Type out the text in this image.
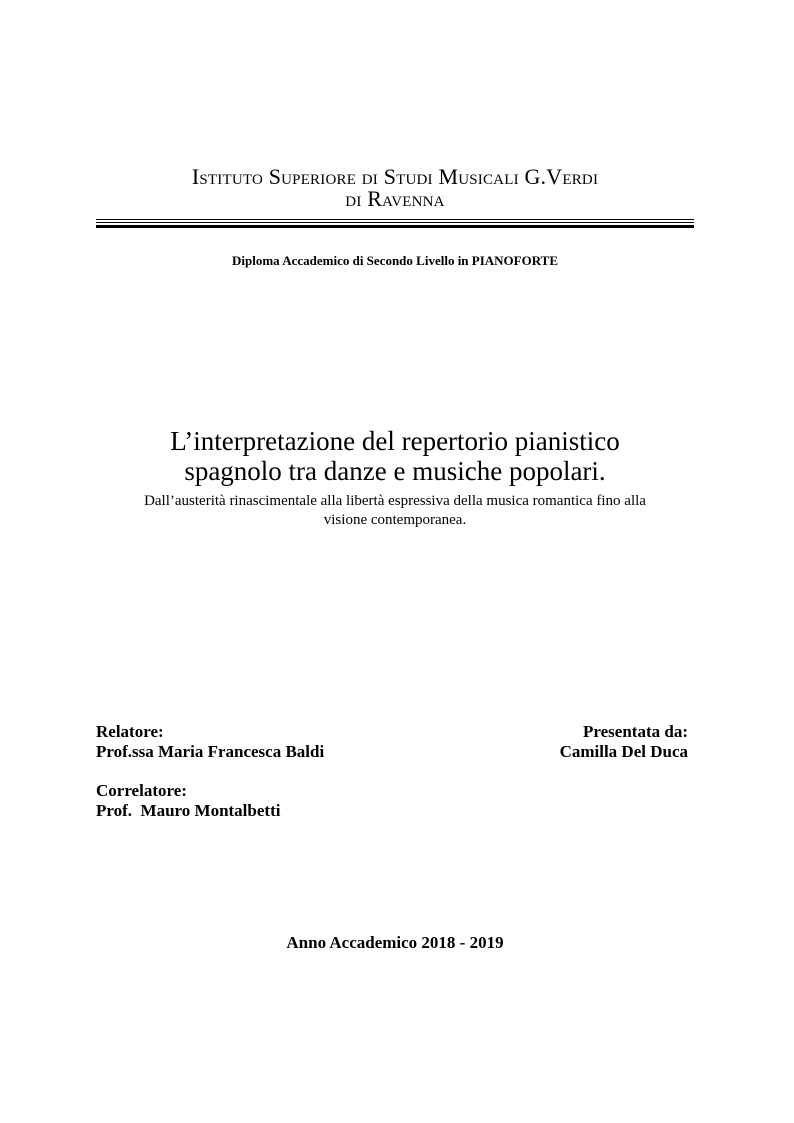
Istituto Superiore di Studi Musicali G.Verdi
di Ravenna
Diploma Accademico di Secondo Livello in PIANOFORTE
L’interpretazione del repertorio pianistico
spagnolo tra danze e musiche popolari.
Dall’austerità rinascimentale alla libertà espressiva della musica romantica fino alla
visione contemporanea.
Relatore:
Prof.ssa Maria Francesca Baldi
Presentata da:
Camilla Del Duca
Correlatore:
Prof.  Mauro Montalbetti
Anno Accademico 2018 - 2019
